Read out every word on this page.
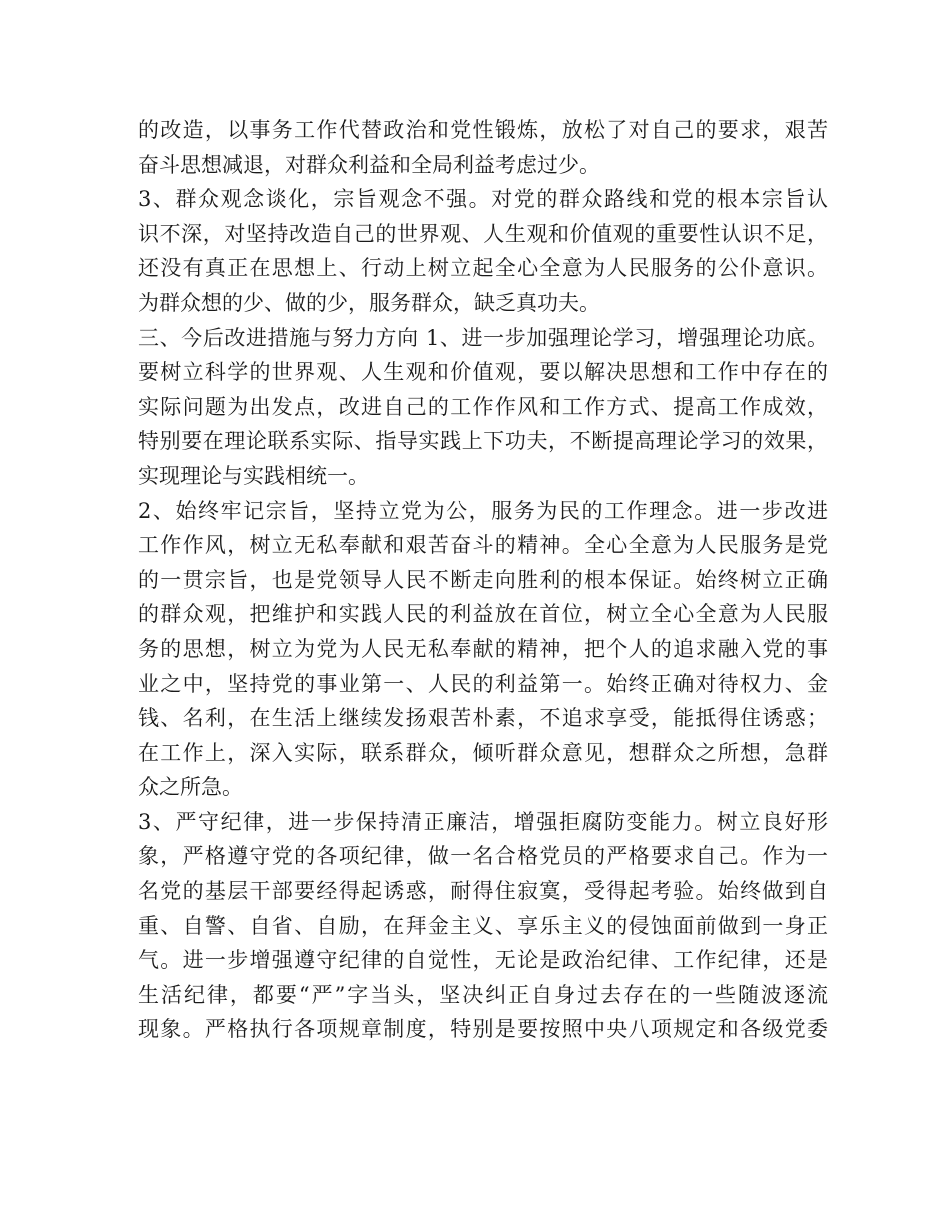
的改造，以事务工作代替政治和党性锻炼，放松了对自己的要求，艰苦
奋斗思想减退，对群众利益和全局利益考虑过少。
3、群众观念谈化，宗旨观念不强。对党的群众路线和党的根本宗旨认
识不深，对坚持改造自己的世界观、人生观和价值观的重要性认识不足，
还没有真正在思想上、行动上树立起全心全意为人民服务的公仆意识。
为群众想的少、做的少，服务群众，缺乏真功夫。
三、今后改进措施与努力方向 1、进一步加强理论学习，增强理论功底。
要树立科学的世界观、人生观和价值观，要以解决思想和工作中存在的
实际问题为出发点，改进自己的工作作风和工作方式、提高工作成效，
特别要在理论联系实际、指导实践上下功夫，不断提高理论学习的效果，
实现理论与实践相统一。
2、始终牢记宗旨，坚持立党为公，服务为民的工作理念。进一步改进
工作作风，树立无私奉献和艰苦奋斗的精神。全心全意为人民服务是党
的一贯宗旨，也是党领导人民不断走向胜利的根本保证。始终树立正确
的群众观，把维护和实践人民的利益放在首位，树立全心全意为人民服
务的思想，树立为党为人民无私奉献的精神，把个人的追求融入党的事
业之中，坚持党的事业第一、人民的利益第一。始终正确对待权力、金
钱、名利，在生活上继续发扬艰苦朴素，不追求享受，能抵得住诱惑；
在工作上，深入实际，联系群众，倾听群众意见，想群众之所想，急群
众之所急。
3、严守纪律，进一步保持清正廉洁，增强拒腐防变能力。树立良好形
象，严格遵守党的各项纪律，做一名合格党员的严格要求自己。作为一
名党的基层干部要经得起诱惑，耐得住寂寞，受得起考验。始终做到自
重、自警、自省、自励，在拜金主义、享乐主义的侵蚀面前做到一身正
气。进一步增强遵守纪律的自觉性，无论是政治纪律、工作纪律，还是
生活纪律，都要“严”字当头，坚决纠正自身过去存在的一些随波逐流
现象。严格执行各项规章制度，特别是要按照中央八项规定和各级党委
